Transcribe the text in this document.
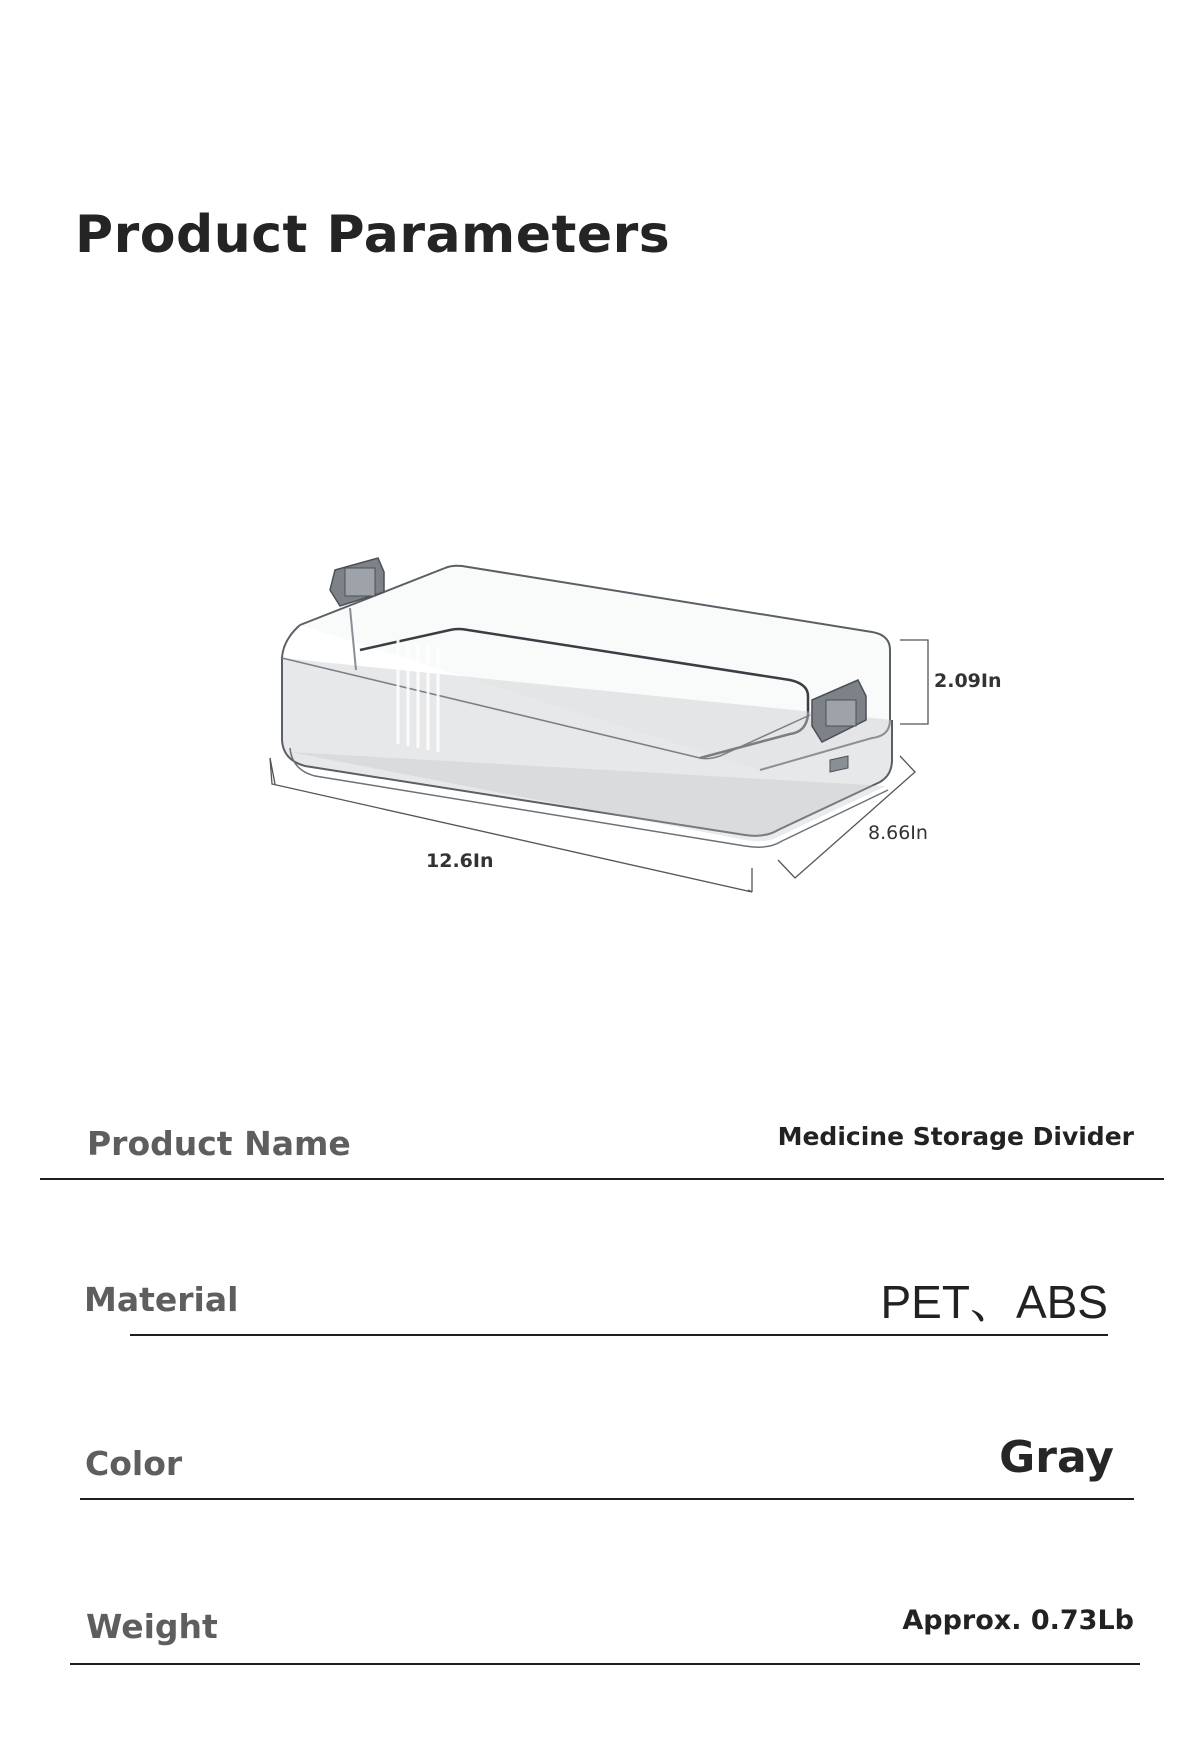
Product Parameters
12.6In
8.66In
2.09In
Product Name	Medicine Storage Divider
Material	PET、ABS
Color	Gray
Weight	Approx. 0.73Lb
